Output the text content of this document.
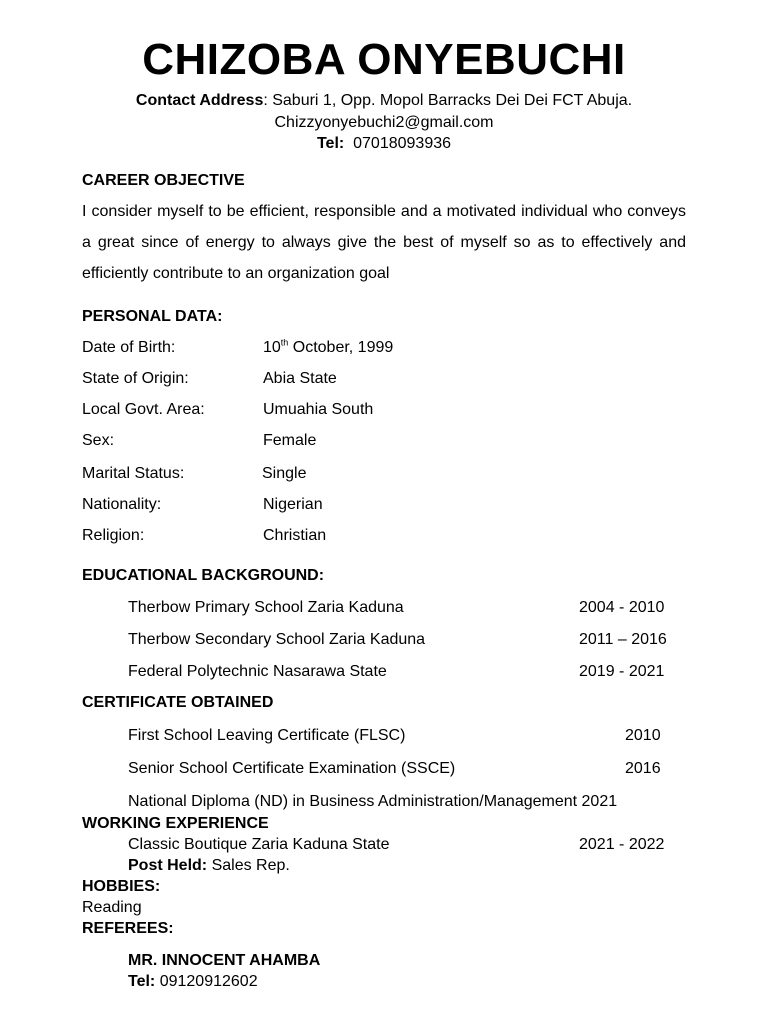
CHIZOBA ONYEBUCHI
Contact Address: Saburi 1, Opp. Mopol Barracks Dei Dei FCT Abuja.
Chizzyonyebuchi2@gmail.com
Tel: 07018093936
CAREER OBJECTIVE
I consider myself to be efficient, responsible and a motivated individual who conveys a great since of energy to always give the best of myself so as to effectively and efficiently contribute to an organization goal
PERSONAL DATA:
Date of Birth:	10th October, 1999
State of Origin:	Abia State
Local Govt. Area:	Umuahia South
Sex:	Female
Marital Status:	Single
Nationality:	Nigerian
Religion:	Christian
EDUCATIONAL BACKGROUND:
Therbow Primary School Zaria Kaduna	2004 - 2010
Therbow Secondary School Zaria Kaduna	2011 – 2016
Federal Polytechnic Nasarawa State	2019 - 2021
CERTIFICATE OBTAINED
First School Leaving Certificate (FLSC)	2010
Senior School Certificate Examination (SSCE)	2016
National Diploma (ND) in Business Administration/Management 2021
WORKING EXPERIENCE
Classic Boutique Zaria Kaduna State	2021 - 2022
Post Held: Sales Rep.
HOBBIES:
Reading
REFEREES:
MR. INNOCENT AHAMBA
Tel: 09120912602
